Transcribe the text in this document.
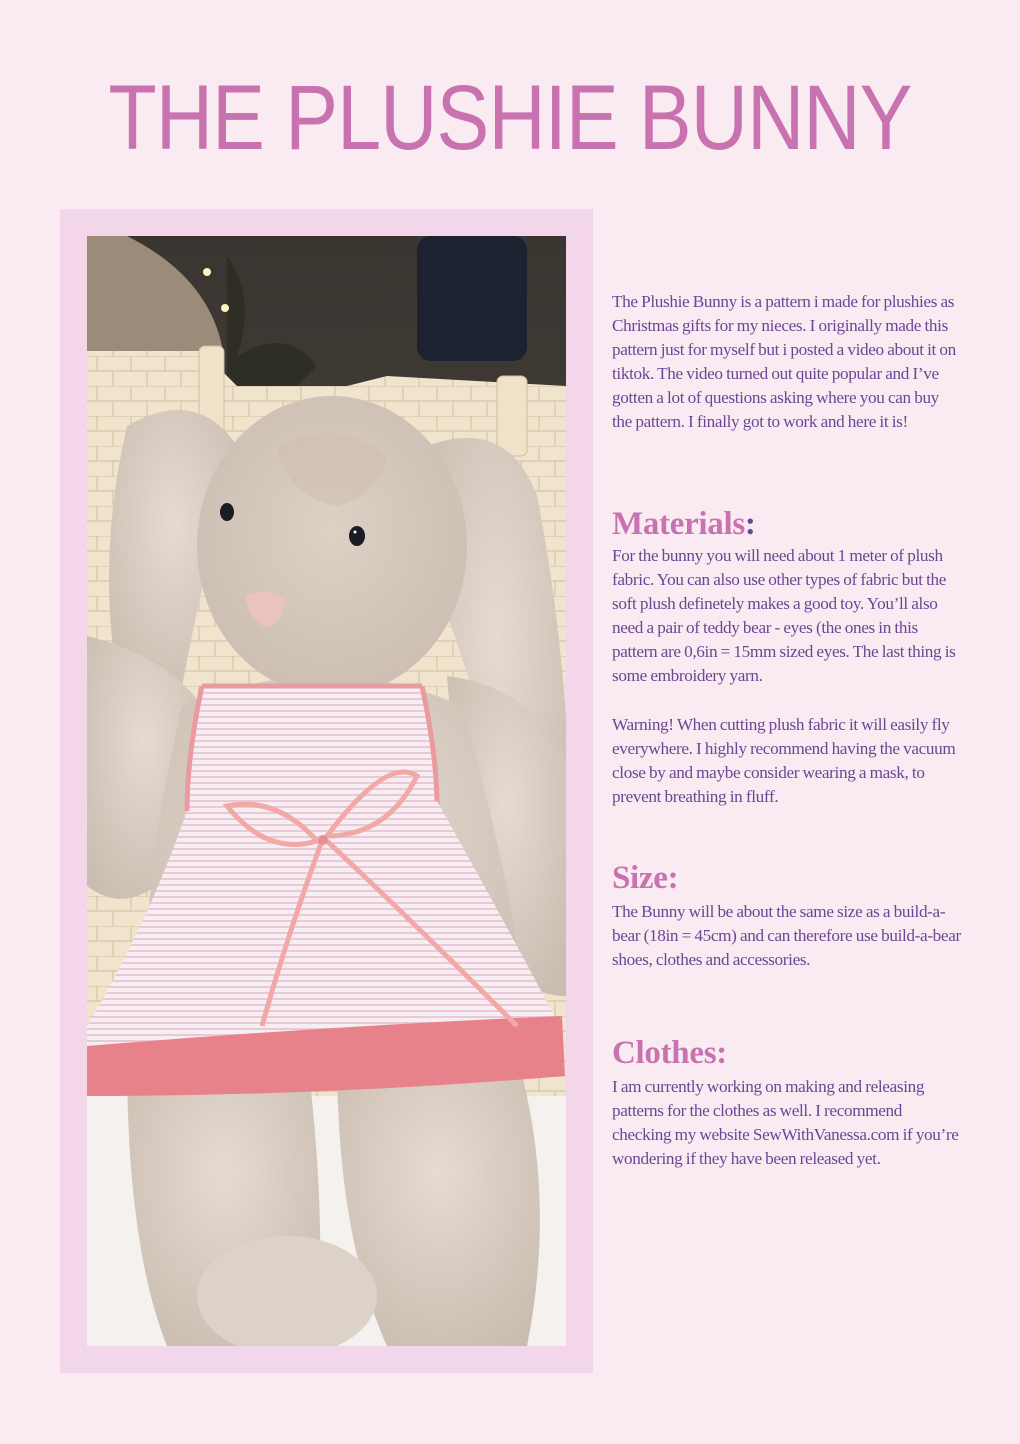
THE PLUSHIE BUNNY

The Plushie Bunny is a pattern i made for plushies as Christmas gifts for my nieces. I originally made this pattern just for myself but i posted a video about it on tiktok. The video turned out quite popular and I’ve gotten a lot of questions asking where you can buy the pattern. I finally got to work and here it is!

Materials:

For the bunny you will need about 1 meter of plush fabric. You can also use other types of fabric but the soft plush definetely makes a good toy. You’ll also need a pair of teddy bear - eyes (the ones in this pattern are 0,6in = 15mm sized eyes. The last thing is some embroidery yarn.

Warning! When cutting plush fabric it will easily fly everywhere. I highly recommend having the vacuum close by and maybe consider wearing a mask, to prevent breathing in fluff.

Size:

The Bunny will be about the same size as a build-a-bear (18in = 45cm) and can therefore use build-a-bear shoes, clothes and accessories.

Clothes:

I am currently working on making and releasing patterns for the clothes as well. I recommend checking my website SewWithVanessa.com if you’re wondering if they have been released yet.
